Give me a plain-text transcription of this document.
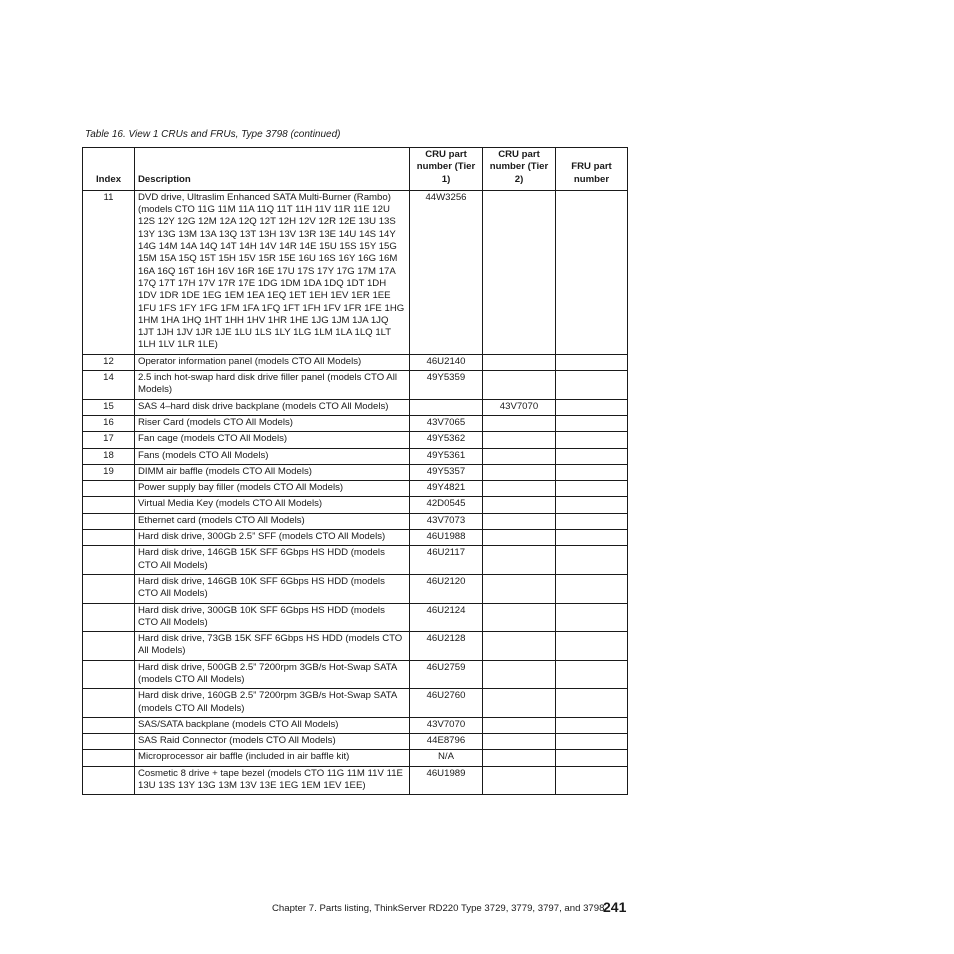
Table 16. View 1 CRUs and FRUs, Type 3798 (continued)
Index	Description	CRU part number (Tier 1)	CRU part number (Tier 2)	FRU part number
11	DVD drive, Ultraslim Enhanced SATA Multi-Burner (Rambo) (models CTO 11G 11M 11A 11Q 11T 11H 11V 11R 11E 12U 12S 12Y 12G 12M 12A 12Q 12T 12H 12V 12R 12E 13U 13S 13Y 13G 13M 13A 13Q 13T 13H 13V 13R 13E 14U 14S 14Y 14G 14M 14A 14Q 14T 14H 14V 14R 14E 15U 15S 15Y 15G 15M 15A 15Q 15T 15H 15V 15R 15E 16U 16S 16Y 16G 16M 16A 16Q 16T 16H 16V 16R 16E 17U 17S 17Y 17G 17M 17A 17Q 17T 17H 17V 17R 17E 1DG 1DM 1DA 1DQ 1DT 1DH 1DV 1DR 1DE 1EG 1EM 1EA 1EQ 1ET 1EH 1EV 1ER 1EE 1FU 1FS 1FY 1FG 1FM 1FA 1FQ 1FT 1FH 1FV 1FR 1FE 1HG 1HM 1HA 1HQ 1HT 1HH 1HV 1HR 1HE 1JG 1JM 1JA 1JQ 1JT 1JH 1JV 1JR 1JE 1LU 1LS 1LY 1LG 1LM 1LA 1LQ 1LT 1LH 1LV 1LR 1LE)	44W3256		
12	Operator information panel (models CTO All Models)	46U2140		
14	2.5 inch hot-swap hard disk drive filler panel (models CTO All Models)	49Y5359		
15	SAS 4–hard disk drive backplane (models CTO All Models)		43V7070	
16	Riser Card (models CTO All Models)	43V7065		
17	Fan cage (models CTO All Models)	49Y5362		
18	Fans (models CTO All Models)	49Y5361		
19	DIMM air baffle (models CTO All Models)	49Y5357		
	Power supply bay filler (models CTO All Models)	49Y4821		
	Virtual Media Key (models CTO All Models)	42D0545		
	Ethernet card (models CTO All Models)	43V7073		
	Hard disk drive, 300Gb 2.5” SFF (models CTO All Models)	46U1988		
	Hard disk drive, 146GB 15K SFF 6Gbps HS HDD (models CTO All Models)	46U2117		
	Hard disk drive, 146GB 10K SFF 6Gbps HS HDD (models CTO All Models)	46U2120		
	Hard disk drive, 300GB 10K SFF 6Gbps HS HDD (models CTO All Models)	46U2124		
	Hard disk drive, 73GB 15K SFF 6Gbps HS HDD (models CTO All Models)	46U2128		
	Hard disk drive, 500GB 2.5” 7200rpm 3GB/s Hot-Swap SATA (models CTO All Models)	46U2759		
	Hard disk drive, 160GB 2.5” 7200rpm 3GB/s Hot-Swap SATA (models CTO All Models)	46U2760		
	SAS/SATA backplane (models CTO All Models)	43V7070		
	SAS Raid Connector (models CTO All Models)	44E8796		
	Microprocessor air baffle (included in air baffle kit)	N/A		
	Cosmetic 8 drive + tape bezel (models CTO 11G 11M 11V 11E 13U 13S 13Y 13G 13M 13V 13E 1EG 1EM 1EV 1EE)	46U1989		
Chapter 7. Parts listing, ThinkServer RD220 Type 3729, 3779, 3797, and 3798
241
